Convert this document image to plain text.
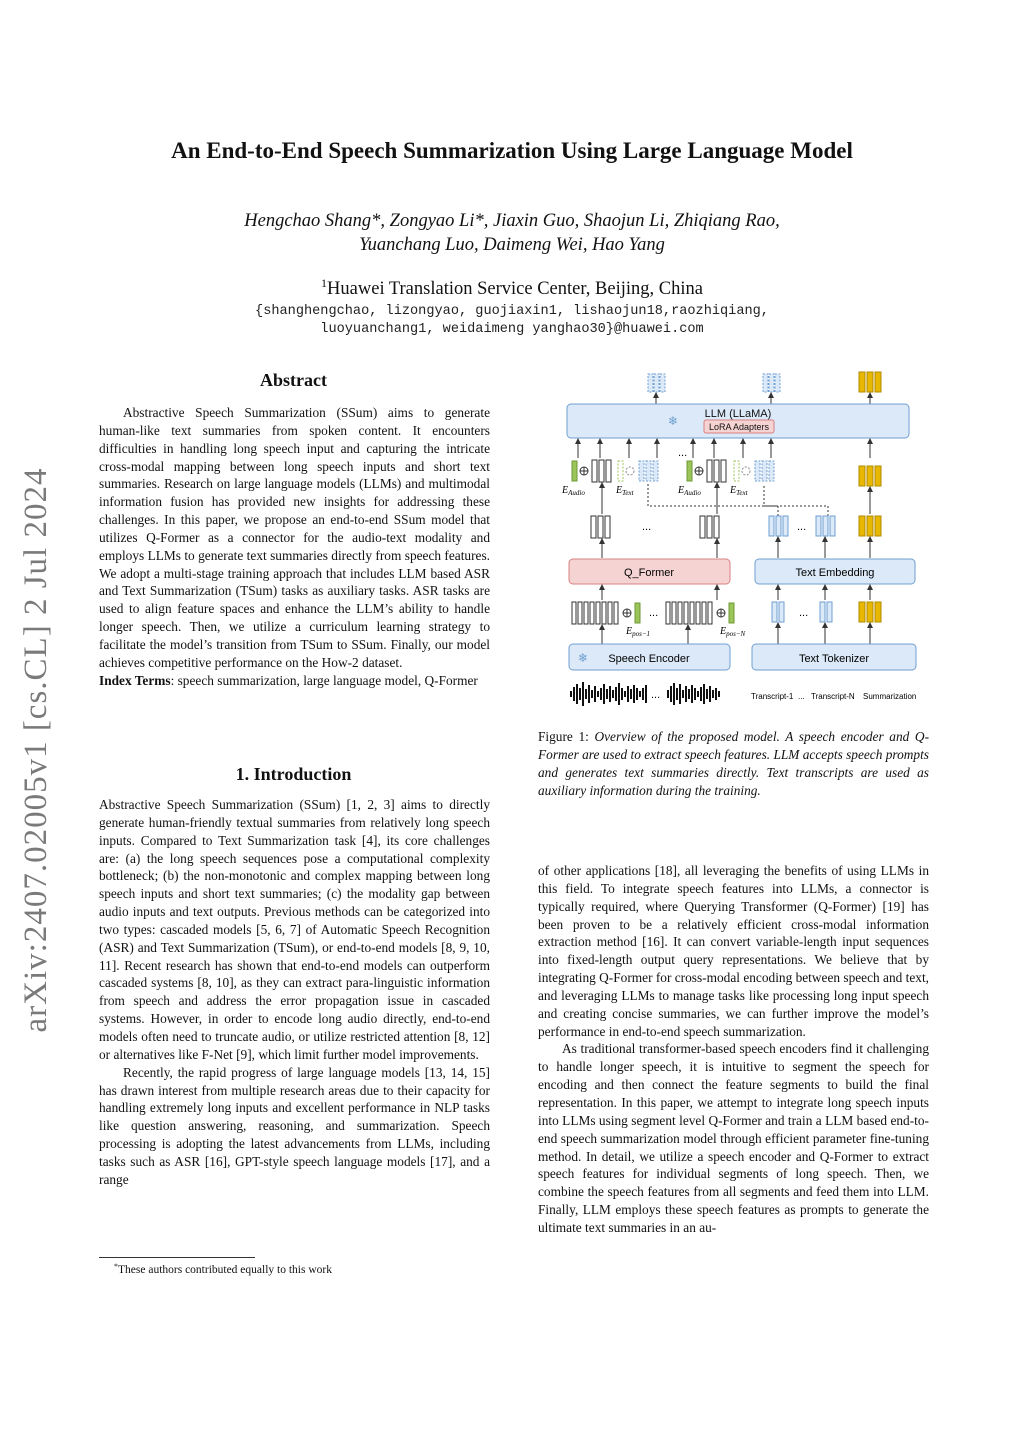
arXiv:2407.02005v1 [cs.CL] 2 Jul 2024
An End-to-End Speech Summarization Using Large Language Model
Hengchao Shang*, Zongyao Li*, Jiaxin Guo, Shaojun Li, Zhiqiang Rao,
Yuanchang Luo, Daimeng Wei, Hao Yang
$^1$Huawei Translation Service Center, Beijing, China
{shanghengchao, lizongyao, guojiaxin1, lishaojun18,raozhiqiang,
luoyuanchang1, weidaimeng yanghao30}@huawei.com
Abstract

Abstractive Speech Summarization (SSum) aims to generate human-like text summaries from spoken content. It encounters difficulties in handling long speech input and capturing the intricate cross-modal mapping between long speech inputs and short text summaries. Research on large language models (LLMs) and multimodal information fusion has provided new insights for addressing these challenges. In this paper, we propose an end-to-end SSum model that utilizes Q-Former as a connector for the audio-text modality and employs LLMs to generate text summaries directly from speech features. We adopt a multi-stage training approach that includes LLM based ASR and Text Summarization (TSum) tasks as auxiliary tasks. ASR tasks are used to align feature spaces and enhance the LLM’s ability to handle longer speech. Then, we utilize a curriculum learning strategy to facilitate the model’s transition from TSum to SSum. Finally, our model achieves competitive performance on the How-2 dataset.

Index Terms: speech summarization, large language model, Q-Former

1. Introduction

Abstractive Speech Summarization (SSum) [1, 2, 3] aims to directly generate human-friendly textual summaries from relatively long speech inputs. Compared to Text Summarization task [4], its core challenges are: (a) the long speech sequences pose a computational complexity bottleneck; (b) the non-monotonic and complex mapping between long speech inputs and short text summaries; (c) the modality gap between audio inputs and text outputs. Previous methods can be categorized into two types: cascaded models [5, 6, 7] of Automatic Speech Recognition (ASR) and Text Summarization (TSum), or end-to-end models [8, 9, 10, 11]. Recent research has shown that end-to-end models can outperform cascaded systems [8, 10], as they can extract para-linguistic information from speech and address the error propagation issue in cascaded systems. However, in order to encode long audio directly, end-to-end models often need to truncate audio, or utilize restricted attention [8, 12] or alternatives like F-Net [9], which limit further model improvements.

Recently, the rapid progress of large language models [13, 14, 15] has drawn interest from multiple research areas due to their capacity for handling extremely long inputs and excellent performance in NLP tasks like question answering, reasoning, and summarization. Speech processing is adopting the latest advancements from LLMs, including tasks such as ASR [16], GPT-style speech language models [17], and a range

*These authors contributed equally to this work
❄ LLM (LLaMA)
LoRA Adapters
...
$E_{Audio}$	$E_{Text}$	$E_{Audio}$	$E_{Text}$
...	...
Q_Former	Text Embedding
...
$E_{pos-1}$	$E_{pos-N}$
...
❄ Speech Encoder	Text Tokenizer
...	Transcript-1 ... Transcript-N Summarization
Figure 1: Overview of the proposed model. A speech encoder and Q-Former are used to extract speech features. LLM accepts speech prompts and generates text summaries directly. Text transcripts are used as auxiliary information during the training.

of other applications [18], all leveraging the benefits of using LLMs in this field. To integrate speech features into LLMs, a connector is typically required, where Querying Transformer (Q-Former) [19] has been proven to be a relatively efficient cross-modal information extraction method [16]. It can convert variable-length input sequences into fixed-length output query representations. We believe that by integrating Q-Former for cross-modal encoding between speech and text, and leveraging LLMs to manage tasks like processing long input speech and creating concise summaries, we can further improve the model’s performance in end-to-end speech summarization.

As traditional transformer-based speech encoders find it challenging to handle longer speech, it is intuitive to segment the speech for encoding and then connect the feature segments to build the final representation. In this paper, we attempt to integrate long speech inputs into LLMs using segment level Q-Former and train a LLM based end-to-end speech summarization model through efficient parameter fine-tuning method. In detail, we utilize a speech encoder and Q-Former to extract speech features for individual segments of long speech. Then, we combine the speech features from all segments and feed them into LLM. Finally, LLM employs these speech features as prompts to generate the ultimate text summaries in an au-
